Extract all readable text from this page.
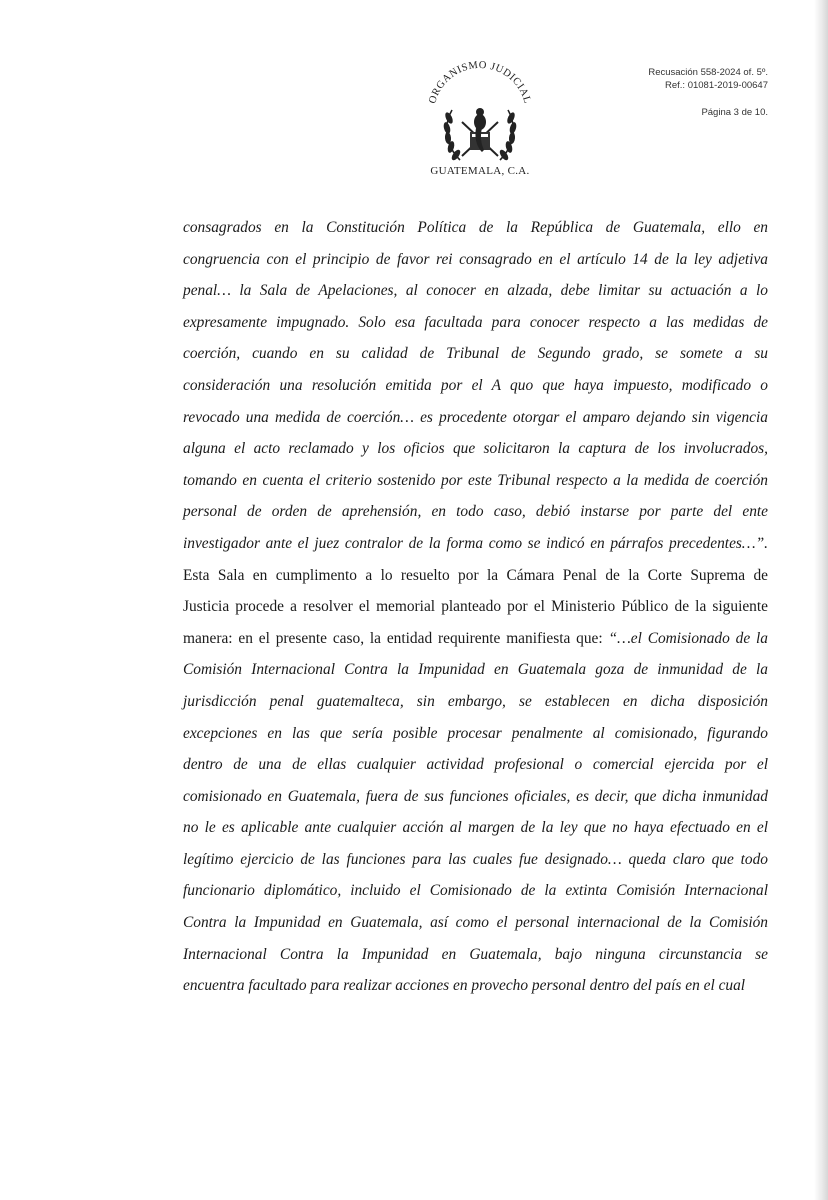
ORGANISMO JUDICIAL
GUATEMALA, C.A.
Recusación 558-2024 of. 5º.
Ref.: 01081-2019-00647
Página 3 de 10.
consagrados en la Constitución Política de la República de Guatemala, ello en
congruencia con el principio de favor rei consagrado en el artículo 14 de la ley adjetiva
penal… la Sala de Apelaciones, al conocer en alzada, debe limitar su actuación a lo
expresamente impugnado. Solo esa facultada para conocer respecto a las medidas de
coerción, cuando en su calidad de Tribunal de Segundo grado, se somete a su
consideración una resolución emitida por el A quo que haya impuesto, modificado o
revocado una medida de coerción… es procedente otorgar el amparo dejando sin vigencia
alguna el acto reclamado y los oficios que solicitaron la captura de los involucrados,
tomando en cuenta el criterio sostenido por este Tribunal respecto a la medida de coerción
personal de orden de aprehensión, en todo caso, debió instarse por parte del ente
investigador ante el juez contralor de la forma como se indicó en párrafos precedentes…”.
Esta Sala en cumplimento a lo resuelto por la Cámara Penal de la Corte Suprema de
Justicia procede a resolver el memorial planteado por el Ministerio Público de la siguiente
manera: en el presente caso, la entidad requirente manifiesta que: “…el Comisionado de la
Comisión Internacional Contra la Impunidad en Guatemala goza de inmunidad de la
jurisdicción penal guatemalteca, sin embargo, se establecen en dicha disposición
excepciones en las que sería posible procesar penalmente al comisionado, figurando
dentro de una de ellas cualquier actividad profesional o comercial ejercida por el
comisionado en Guatemala, fuera de sus funciones oficiales, es decir, que dicha inmunidad
no le es aplicable ante cualquier acción al margen de la ley que no haya efectuado en el
legítimo ejercicio de las funciones para las cuales fue designado… queda claro que todo
funcionario diplomático, incluido el Comisionado de la extinta Comisión Internacional
Contra la Impunidad en Guatemala, así como el personal internacional de la Comisión
Internacional Contra la Impunidad en Guatemala, bajo ninguna circunstancia se
encuentra facultado para realizar acciones en provecho personal dentro del país en el cual
